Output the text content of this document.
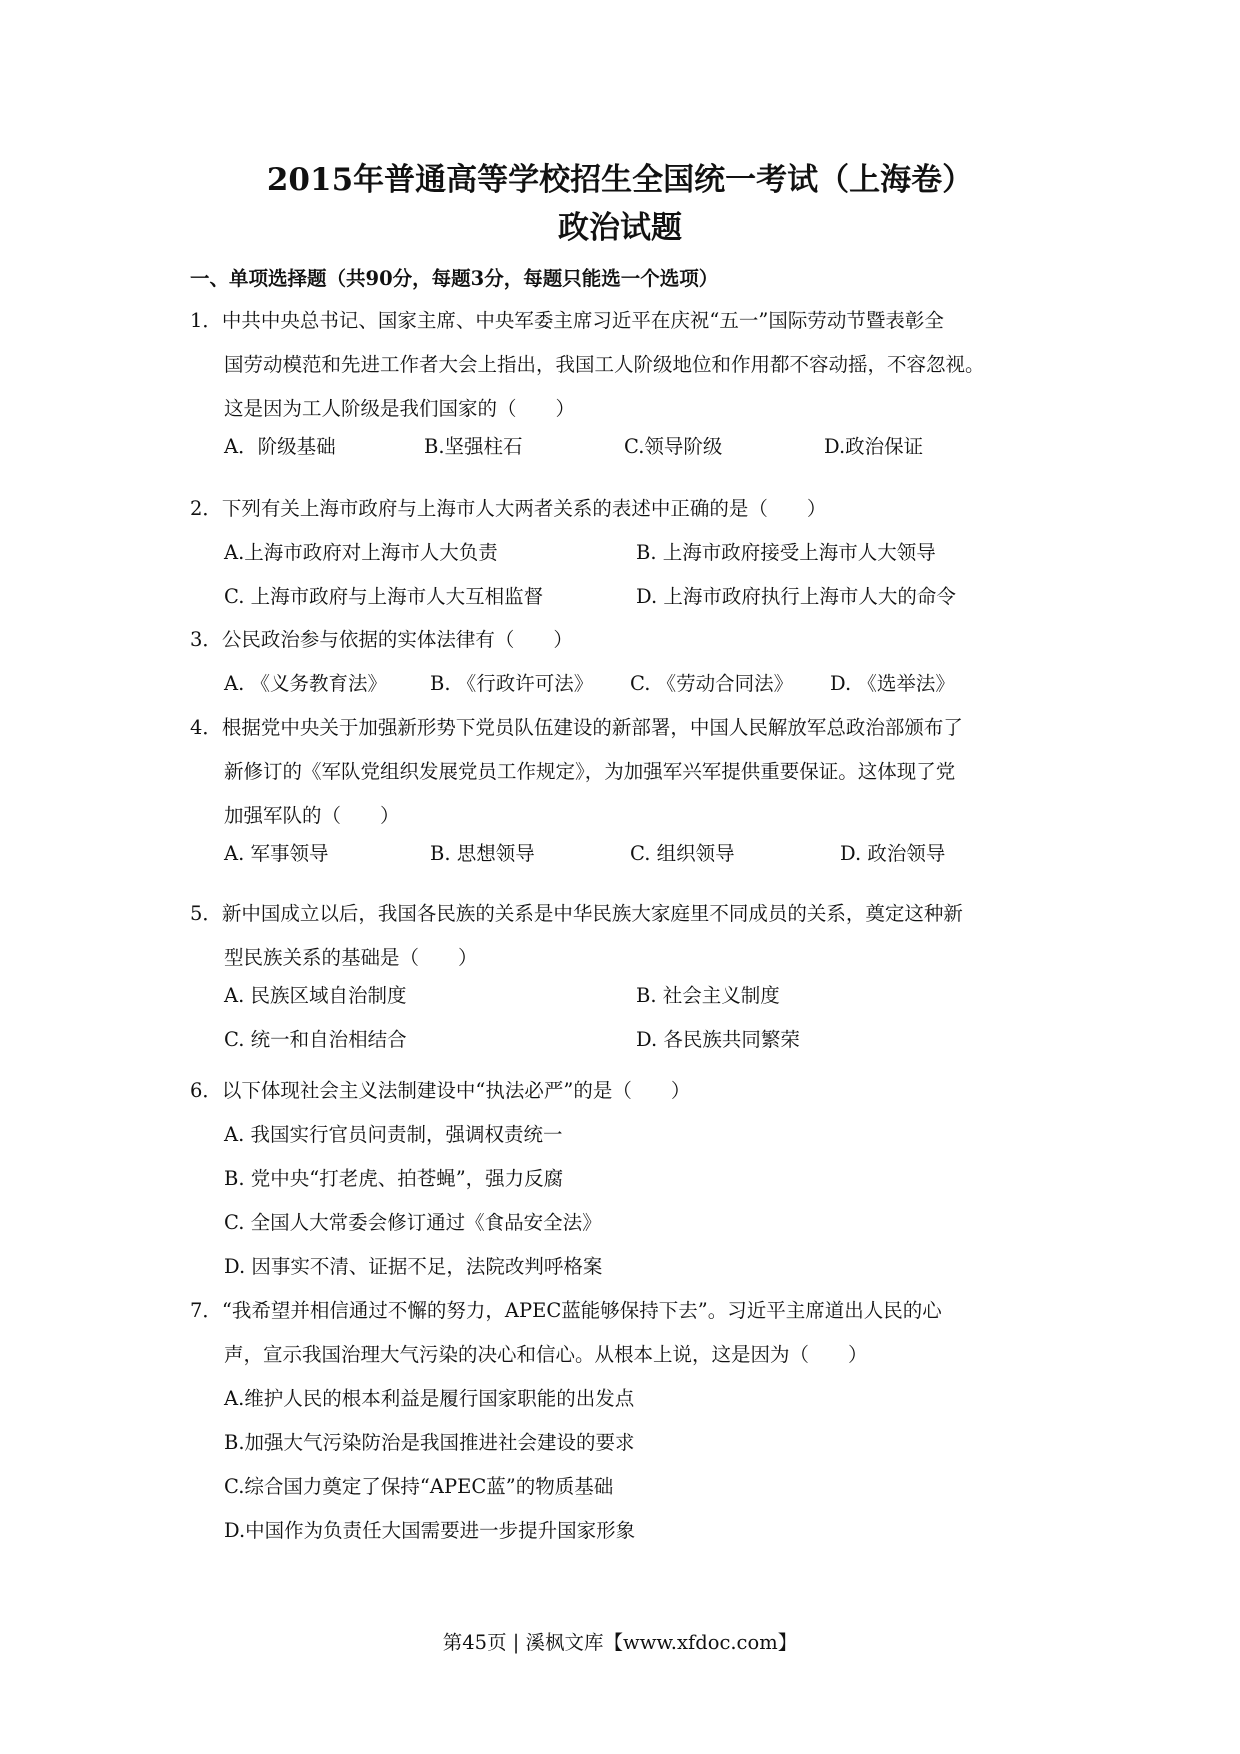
2015年普通高等学校招生全国统一考试（上海卷）
政治试题
一、单项选择题（共90分，每题3分，每题只能选一个选项）
1．中共中央总书记、国家主席、中央军委主席习近平在庆祝“五一”国际劳动节暨表彰全
国劳动模范和先进工作者大会上指出，我国工人阶级地位和作用都不容动摇，不容忽视。
这是因为工人阶级是我们国家的（　　）
A．阶级基础	B.坚强柱石	C.领导阶级	D.政治保证
2．下列有关上海市政府与上海市人大两者关系的表述中正确的是（　　）
A.上海市政府对上海市人大负责	B. 上海市政府接受上海市人大领导
C. 上海市政府与上海市人大互相监督	D. 上海市政府执行上海市人大的命令
3．公民政治参与依据的实体法律有（　　）
A. 《义务教育法》 B. 《行政许可法》 C. 《劳动合同法》 D. 《选举法》
4．根据党中央关于加强新形势下党员队伍建设的新部署，中国人民解放军总政治部颁布了
新修订的《军队党组织发展党员工作规定》，为加强军兴军提供重要保证。这体现了党
加强军队的（　　）
A. 军事领导	B. 思想领导	C. 组织领导	D. 政治领导
5．新中国成立以后，我国各民族的关系是中华民族大家庭里不同成员的关系，奠定这种新
型民族关系的基础是（　　）
A. 民族区域自治制度	B. 社会主义制度
C. 统一和自治相结合	D. 各民族共同繁荣
6．以下体现社会主义法制建设中“执法必严”的是（　　）
A. 我国实行官员问责制，强调权责统一
B. 党中央“打老虎、拍苍蝇”，强力反腐
C. 全国人大常委会修订通过《食品安全法》
D. 因事实不清、证据不足，法院改判呼格案
7．“我希望并相信通过不懈的努力，APEC蓝能够保持下去”。习近平主席道出人民的心
声，宣示我国治理大气污染的决心和信心。从根本上说，这是因为（　　）
A.维护人民的根本利益是履行国家职能的出发点
B.加强大气污染防治是我国推进社会建设的要求
C.综合国力奠定了保持“APEC蓝”的物质基础
D.中国作为负责任大国需要进一步提升国家形象
第45页 | 溪枫文库【www.xfdoc.com】
